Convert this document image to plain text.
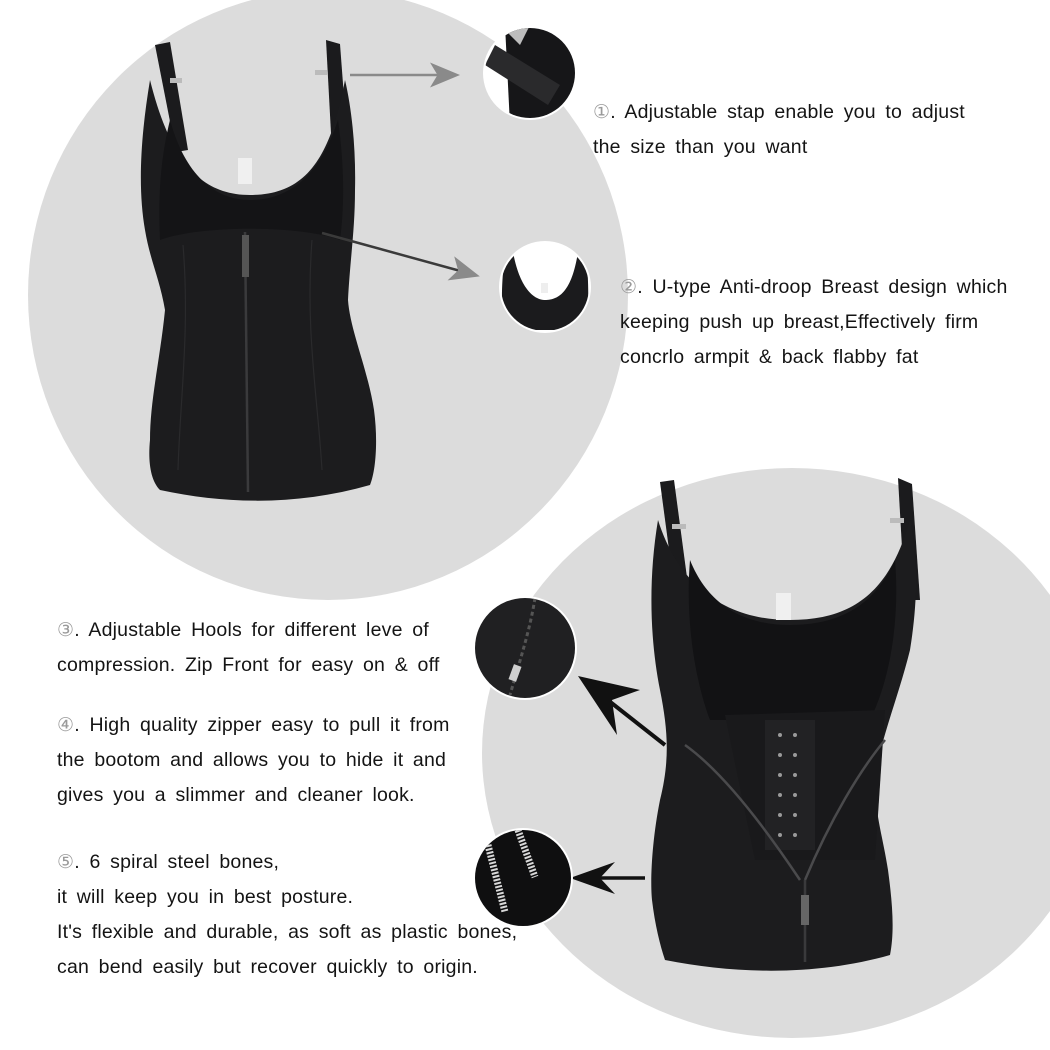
①. Adjustable stap enable you to adjust
the size than you want
②. U-type Anti-droop Breast design which
keeping push up breast,Effectively firm
concrlo armpit & back flabby fat
③. Adjustable Hools for different leve of
compression. Zip Front for easy on & off
④. High quality zipper easy to pull it from
the bootom and allows you to hide it and
gives you a slimmer and cleaner look.
⑤. 6 spiral steel bones,
it will keep you in best posture.
It's flexible and durable, as soft as plastic bones,
can bend easily but recover quickly to origin.
